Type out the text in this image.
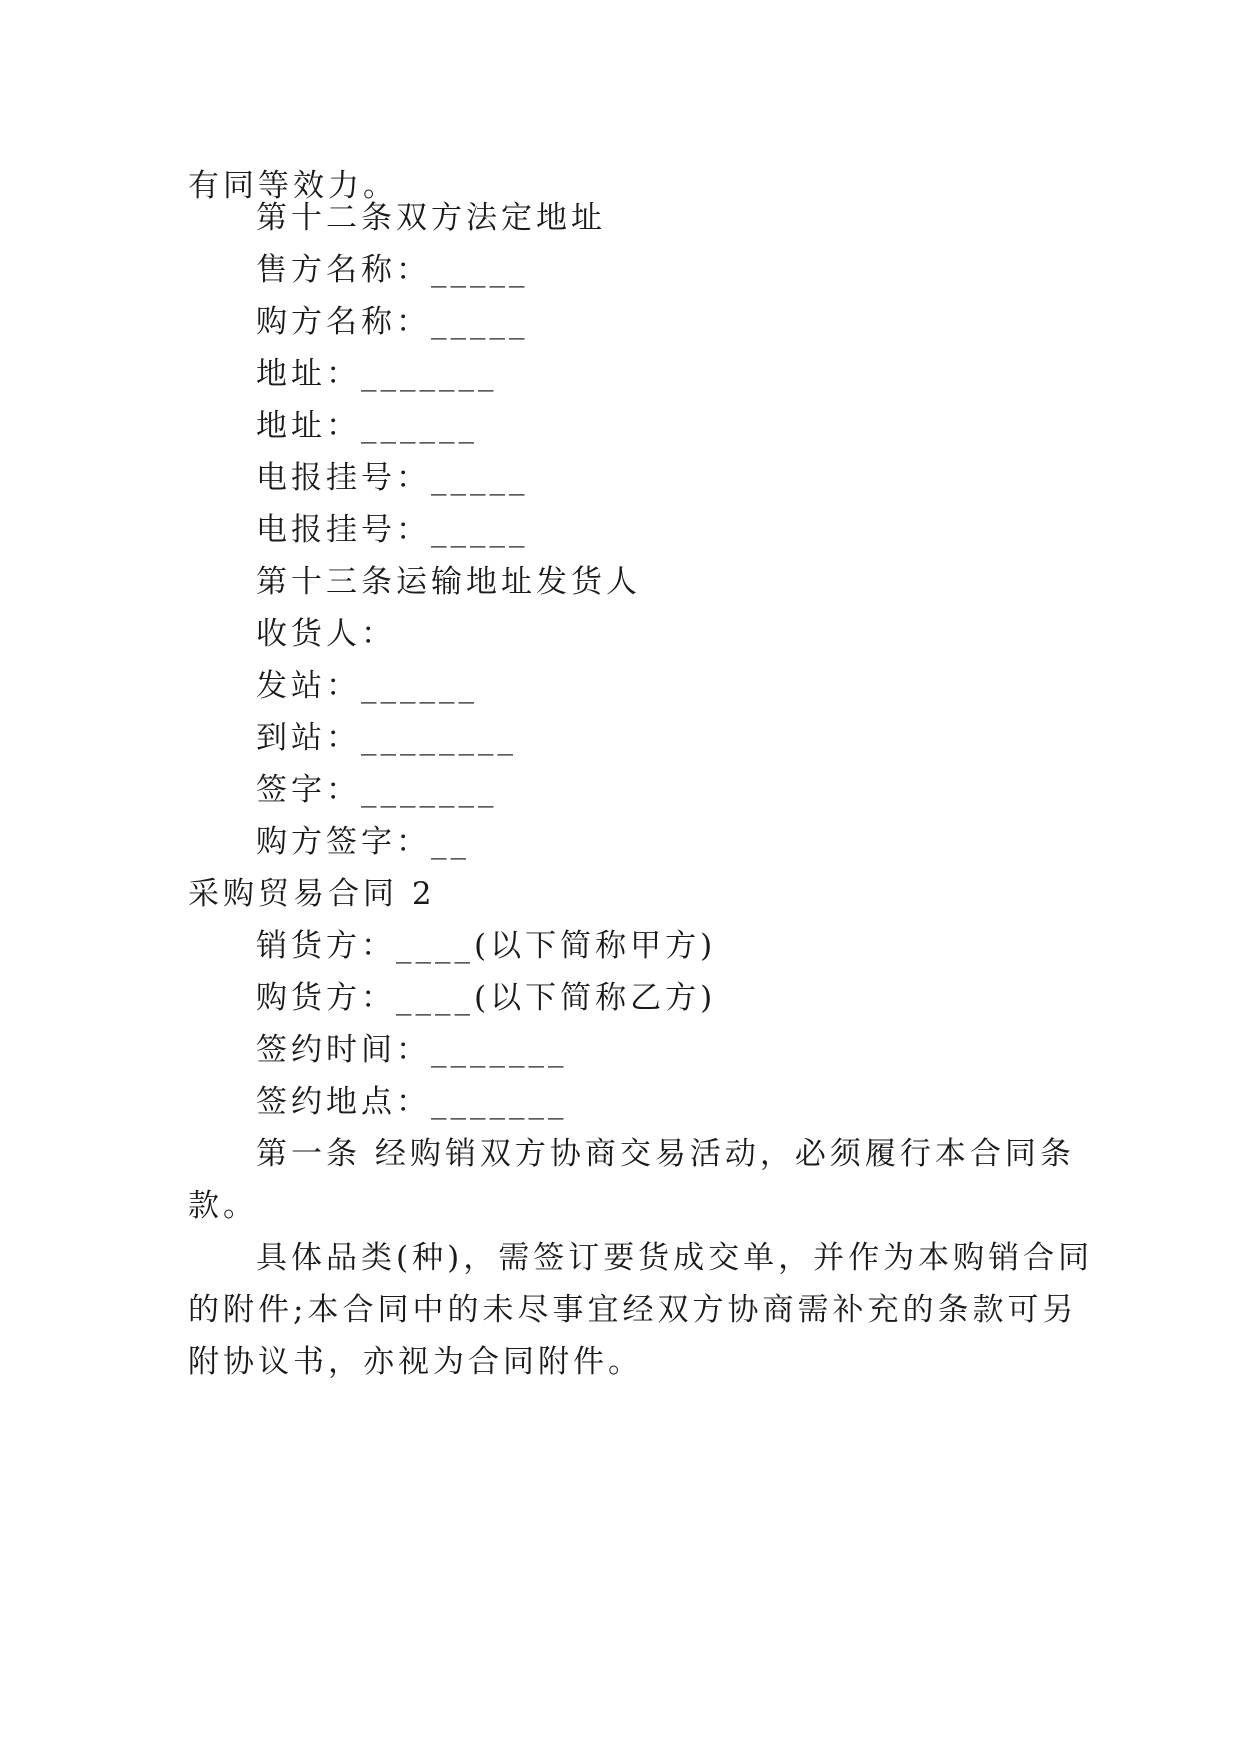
有同等效力。
第十二条双方法定地址
售方名称：_____
购方名称：_____
地址：_______
地址：______
电报挂号：_____
电报挂号：_____
第十三条运输地址发货人
收货人：
发站：______
到站：________
签字：_______
购方签字：__
采购贸易合同 2
销货方：____(以下简称甲方)
购货方：____(以下简称乙方)
签约时间：_______
签约地点：_______
第一条 经购销双方协商交易活动，必须履行本合同条
款。
具体品类(种)，需签订要货成交单，并作为本购销合同
的附件;本合同中的未尽事宜经双方协商需补充的条款可另
附协议书，亦视为合同附件。
